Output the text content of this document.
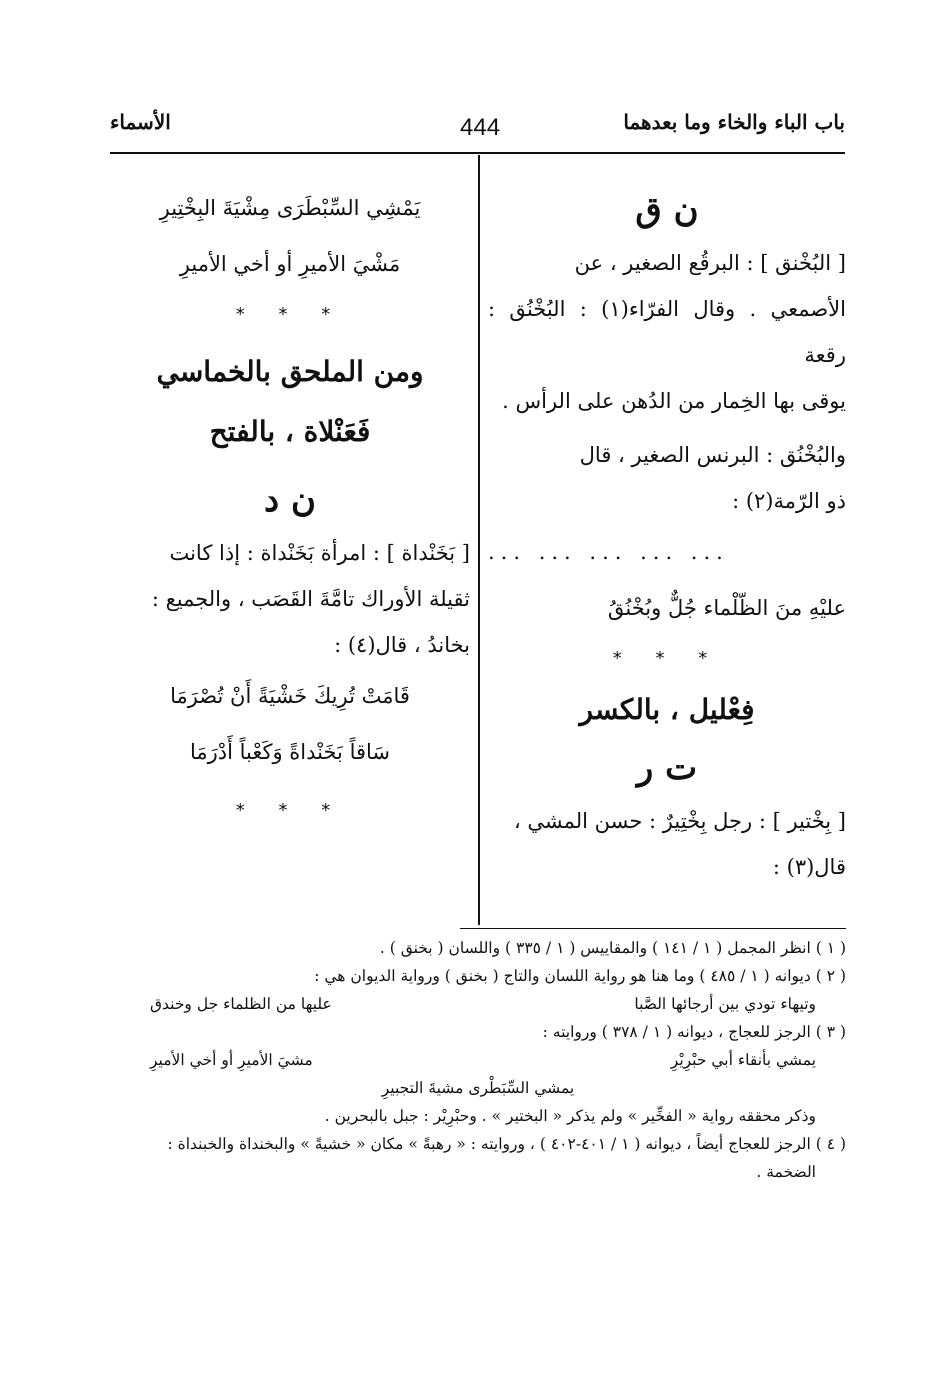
باب الباء والخاء وما بعدهما
444
الأسماء
ن ق

[ البُخْنق ] : البرقُع الصغير ، عن

الأصمعي . وقال الفرّاء(١) : البُخْنُق : رقعة

يوقى بها الخِمار من الدُهن على الرأس .

والبُخْنُق : البرنس الصغير ، قال

ذو الرّمة(٢) :

... ... ... ... ...

عليْهِ منَ الظّلْماء جُلٌّ وبُخْنُقُ

* * *
فِعْليل ، بالكسر
ت ر

[ بِخْتير ] : رجل بِخْتِيرٌ : حسن المشي ،

قال(٣) :

يَمْشِي السِّبْطَرَى مِشْيَةَ البِخْتِيرِ

مَشْيَ الأميرِ أو أخي الأميرِ

* * *
ومن الملحق بالخماسي
فَعَنْلاة ، بالفتح
ن د

[ بَخَنْداة ] : امرأة بَخَنْداة : إذا كانت

ثقيلة الأوراك تامَّةَ القَصَب ، والجميع :

بخاندُ ، قال(٤) :

قَامَتْ تُرِيكَ خَشْيَةً أَنْ تُصْرَمَا

سَاقاً بَخَنْداةً وَكَعْباً أَدْرَمَا

* * *

( ١ ) انظر المجمل ( ١ / ١٤١ ) والمقاييس ( ١ / ٣٣٥ ) واللسان ( بخنق ) .

( ٢ ) ديوانه ( ١ / ٤٨٥ ) وما هنا هو رواية اللسان والتاج ( بخنق ) ورواية الديوان هي :

وتيهاء تودي بين أرجائها الصَّبا
عليها من الظلماء جل وخندق

( ٣ ) الرجز للعجاج ، ديوانه ( ١ / ٣٧٨ ) وروايته :

يمشي بأنقاء أبي حبْرِيْرِ
مشيَ الأميرِ أو أخي الأميرِ

يمشي السِّبَطْرى مشيةَ التجبيرِ

وذكر محققه رواية « الفخِّير » ولم يذكر « البختير » . وحبْرِيْر : جبل بالبحرين .

( ٤ ) الرجز للعجاج أيضاً ، ديوانه ( ١ / ٤٠١-٤٠٢ ) ، وروايته : « رهبةً » مكان « خشيةً » والبخنداة والخبنداة :

الضخمة .
